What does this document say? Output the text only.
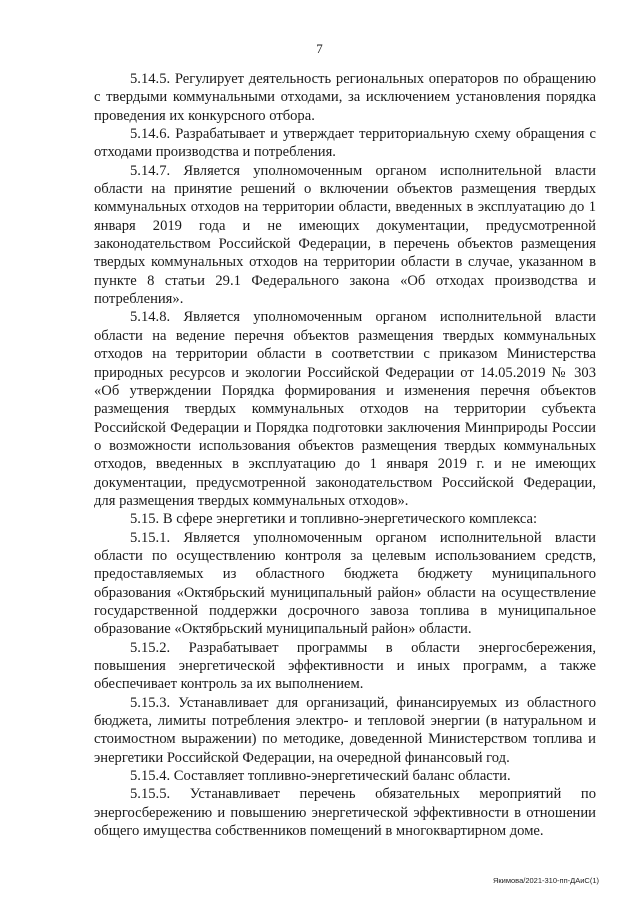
7

5.14.5. Регулирует деятельность региональных операторов по обращению с твердыми коммунальными отходами, за исключением установления порядка проведения их конкурсного отбора.

5.14.6. Разрабатывает и утверждает территориальную схему обращения с отходами производства и потребления.

5.14.7. Является уполномоченным органом исполнительной власти области на принятие решений о включении объектов размещения твердых коммунальных отходов на территории области, введенных в эксплуатацию до 1 января 2019 года и не имеющих документации, предусмотренной законодательством Российской Федерации, в перечень объектов размещения твердых коммунальных отходов на территории области в случае, указанном в пункте 8 статьи 29.1 Федерального закона «Об отходах производства и потребления».

5.14.8. Является уполномоченным органом исполнительной власти области на ведение перечня объектов размещения твердых коммунальных отходов на территории области в соответствии с приказом Министерства природных ресурсов и экологии Российской Федерации от 14.05.2019 № 303 «Об утверждении Порядка формирования и изменения перечня объектов размещения твердых коммунальных отходов на территории субъекта Российской Федерации и Порядка подготовки заключения Минприроды России о возможности использования объектов размещения твердых коммунальных отходов, введенных в эксплуатацию до 1 января 2019 г. и не имеющих документации, предусмотренной законодательством Российской Федерации, для размещения твердых коммунальных отходов».

5.15. В сфере энергетики и топливно-энергетического комплекса:

5.15.1. Является уполномоченным органом исполнительной власти области по осуществлению контроля за целевым использованием средств, предоставляемых из областного бюджета бюджету муниципального образования «Октябрьский муниципальный район» области на осуществление государственной поддержки досрочного завоза топлива в муниципальное образование «Октябрьский муниципальный район» области.

5.15.2. Разрабатывает программы в области энергосбережения, повышения энергетической эффективности и иных программ, а также обеспечивает контроль за их выполнением.

5.15.3. Устанавливает для организаций, финансируемых из областного бюджета, лимиты потребления электро- и тепловой энергии (в натуральном и стоимостном выражении) по методике, доведенной Министерством топлива и энергетики Российской Федерации, на очередной финансовый год.

5.15.4. Составляет топливно-энергетический баланс области.

5.15.5. Устанавливает перечень обязательных мероприятий по энергосбережению и повышению энергетической эффективности в отношении общего имущества собственников помещений в многоквартирном доме.

Якимова/2021-310-пп-ДАиС(1)
